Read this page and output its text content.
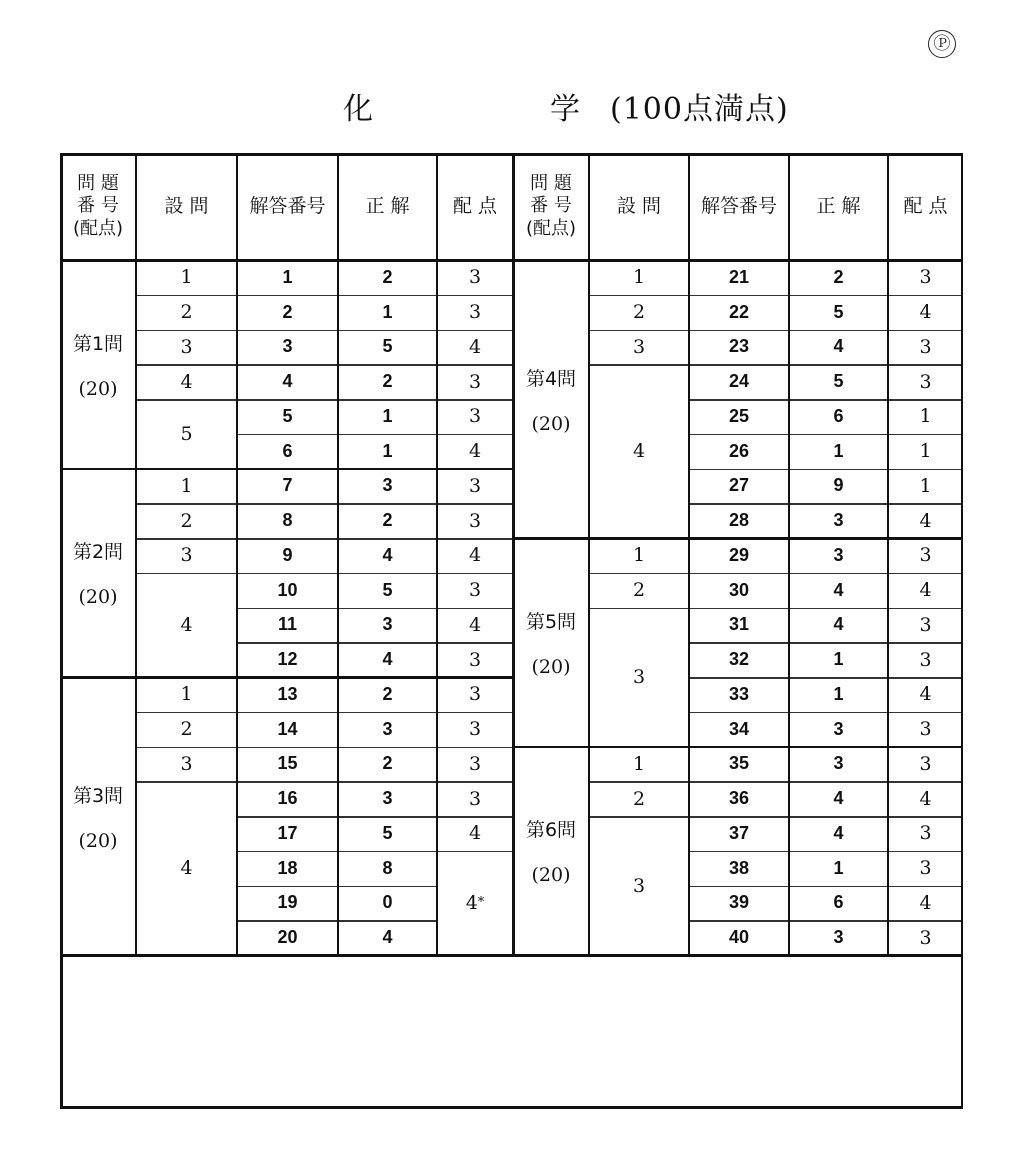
Ⓟ
化	学 (100点満点)
問 題
番 号
(配点)
設 問	解答番号	正 解	配 点
問 題
番 号
(配点)
設 問	解答番号	正 解	配 点
第1問
(20)
1	1	2	3
2	2	1	3
3	3	5	4
4	4	2	3
5
5	1	3
6	1	4
第2問
(20)
1	7	3	3
2	8	2	3
3	9	4	4
4
10	5	3
11	3	4
12	4	3
第3問
(20)
1	13	2	3
2	14	3	3
3	15	2	3
4
16	3	3
17	5	4
18	8
4 *
19	0
20	4
第4問
(20)
1	21	2	3
2	22	5	4
3	23	4	3
4
24	5	3
25	6	1
26	1	1
27	9	1
28	3	4
第5問
(20)
1	29	3	3
2	30	4	4
3
31	4	3
32	1	3
33	1	4
34	3	3
第6問
(20)
1	35	3	3
2	36	4	4
3
37	4	3
38	1	3
39	6	4
40	3	3
